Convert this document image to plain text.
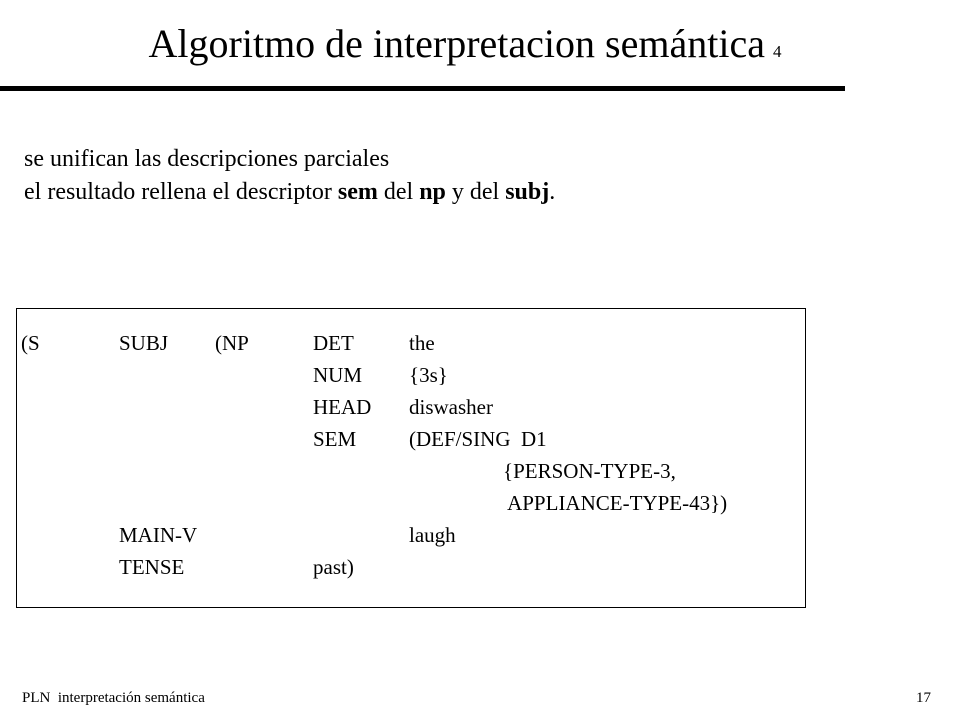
Algoritmo de interpretacion semántica 4
se unifican las descripciones parciales
el resultado rellena el descriptor sem del np y del subj.
(S	SUBJ (NP	DET	the
NUM {3s}
HEAD diswasher
SEM	(DEF/SING  D1
{PERSON-TYPE-3,
APPLIANCE-TYPE-43})
MAIN-V	laugh
TENSE	past)
PLN  interpretación semántica	17
